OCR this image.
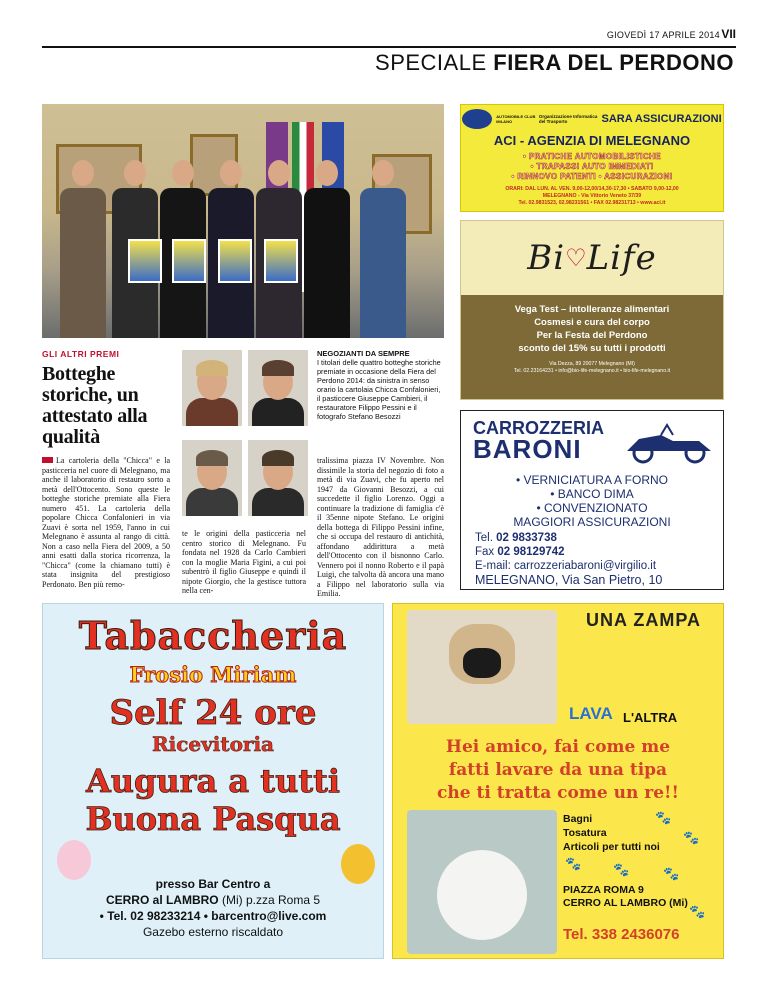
GIOVEDÌ 17 APRILE 2014 VII
SPECIALE FIERA DEL PERDONO
GLI ALTRI PREMI
Botteghe storiche, un attestato alla qualità
La cartoleria della "Chicca" e la pasticceria nel cuore di Melegnano, ma anche il laboratorio di restauro sorto a metà dell'Ottocento. Sono queste le botteghe storiche premiate alla Fiera numero 451. La cartoleria della popolare Chicca Confalonieri in via Zuavi è sorta nel 1959, l'anno in cui Melegnano è assunta al rango di città. Non a caso nella Fiera del 2009, a 50 anni esatti dalla storica ricorrenza, la "Chicca" (come la chiamano tutti) è stata insignita del prestigioso Perdonato. Ben più remo-
te le origini della pasticceria nel centro storico di Melegnano. Fu fondata nel 1928 da Carlo Cambieri con la moglie Maria Figini, a cui poi subentrò il figlio Giuseppe e quindi il nipote Giorgio, che la gestisce tuttora nella cen-
tralissima piazza IV Novembre. Non dissimile la storia del negozio di foto a metà di via Zuavi, che fu aperto nel 1947 da Giovanni Besozzi, a cui succedette il figlio Lorenzo. Oggi a continuare la tradizione di famiglia c'è il 35enne nipote Stefano. Le origini della bottega di Filippo Pessini infine, che si occupa del restauro di antichità, affondano addirittura a metà dell'Ottocento con il bisnonno Carlo. Vennero poi il nonno Roberto e il papà Luigi, che talvolta dà ancora una mano a Filippo nel laboratorio sulla via Emilia.
NEGOZIANTI DA SEMPRE
I titolari delle quattro botteghe storiche premiate in occasione della Fiera del Perdono 2014: da sinistra in senso orario la cartolaia Chicca Confalonieri, il pasticcere Giuseppe Cambieri, il restauratore Filippo Pessini e il fotografo Stefano Besozzi
AUTOMOBILE CLUB MILANO
Organizzazione Informatica del Trasporto	SARA ASSICURAZIONI
ACI - AGENZIA DI MELEGNANO
• PRATICHE AUTOMOBILISTICHE
• TRAPASSI AUTO IMMEDIATI
• RINNOVO PATENTI • ASSICURAZIONI
ORARI: DAL LUN. AL VEN. 9,00-12,00/14,30-17,30 • SABATO 9,00-12,00
MELEGNANO - Via Vittorio Veneto 37/39
Tel. 02.9831523, 02.98231561 • FAX 02.98231713 • www.aci.it
Bi ♡ Life
Vega Test – intolleranze alimentari
Cosmesi e cura del corpo
Per la Festa del Perdono
sconto del 15% su tutti i prodotti
Via Dezza, 89 20077 Melegnano (MI)
Tel. 02.23164231 • info@bio-life-melegnano.it • bio-life-melegnano.it
CARROZZERIA
BARONI
• VERNICIATURA A FORNO
• BANCO DIMA
• CONVENZIONATO
MAGGIORI ASSICURAZIONI
Tel. 02 9833738
Fax 02 98129742
E-mail: carrozzeriabaroni@virgilio.it
MELEGNANO, Via San Pietro, 10
Tabaccheria
Frosio Miriam
Self 24 ore
Ricevitoria
Augura a tutti
Buona Pasqua
presso Bar Centro a
CERRO al LAMBRO (Mi) p.zza Roma 5
• Tel. 02 98233214 • barcentro@live.com
Gazebo esterno riscaldato
UNA ZAMPA
LAVA L'ALTRA
Hei amico, fai come me
fatti lavare da una tipa
che ti tratta come un re!!
Bagni
Tosatura
Articoli per tutti noi
🐾
🐾
🐾 🐾	🐾
🐾
PIAZZA ROMA 9
CERRO AL LAMBRO (Mi)
Tel. 338 2436076
